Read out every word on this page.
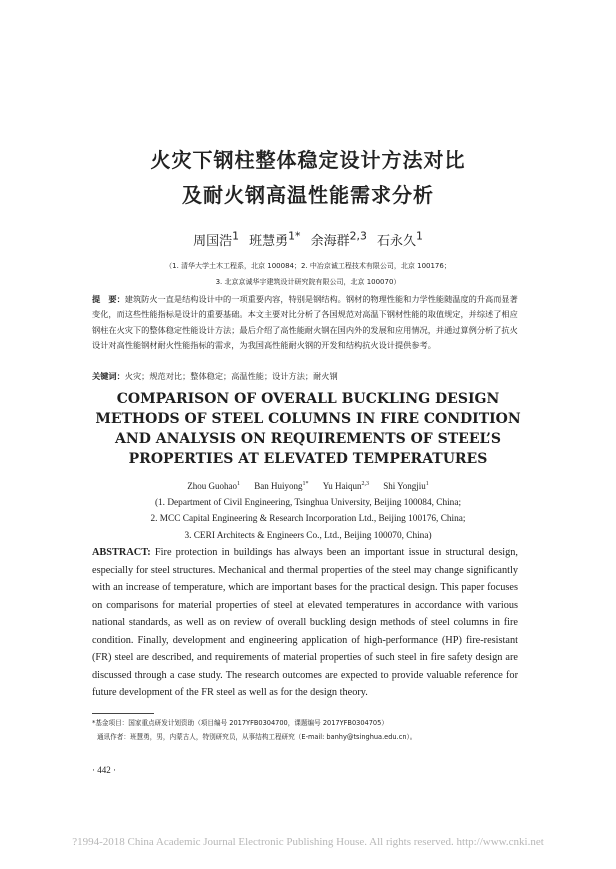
火灾下钢柱整体稳定设计方法对比
及耐火钢高温性能需求分析
周国浩$^1$ 班慧勇$^{1*}$ 余海群$^{2,3}$ 石永久$^1$
（1. 清华大学土木工程系，北京 100084；2. 中冶京诚工程技术有限公司，北京 100176；
3. 北京京诚华宇建筑设计研究院有限公司，北京 100070）
提　要：建筑防火一直是结构设计中的一项重要内容，特别是钢结构。钢材的物理性能和力学性能随温度的升高而显著变化，而这些性能指标是设计的重要基础。本文主要对比分析了各国规范对高温下钢材性能的取值规定，并综述了相应钢柱在火灾下的整体稳定性能设计方法；最后介绍了高性能耐火钢在国内外的发展和应用情况，并通过算例分析了抗火设计对高性能钢材耐火性能指标的需求，为我国高性能耐火钢的开发和结构抗火设计提供参考。
关键词：火灾；规范对比；整体稳定；高温性能；设计方法；耐火钢
COMPARISON OF OVERALL BUCKLING DESIGN
METHODS OF STEEL COLUMNS IN FIRE CONDITION
AND ANALYSIS ON REQUIREMENTS OF STEEL’S
PROPERTIES AT ELEVATED TEMPERATURES
Zhou Guohao$^1$ Ban Huiyong$^{1*}$ Yu Haiqun$^{2,3}$ Shi Yongjiu$^1$
(1. Department of Civil Engineering, Tsinghua University, Beijing 100084, China;
2. MCC Capital Engineering & Research Incorporation Ltd., Beijing 100176, China;
3. CERI Architects & Engineers Co., Ltd., Beijing 100070, China)
ABSTRACT: Fire protection in buildings has always been an important issue in structural design, especially for steel structures. Mechanical and thermal properties of the steel may change significantly with an increase of temperature, which are important bases for the practical design. This paper focuses on comparisons for material properties of steel at elevated temperatures in accordance with various national standards, as well as on review of overall buckling design methods of steel columns in fire condition. Finally, development and engineering application of high-performance (HP) fire-resistant (FR) steel are described, and requirements of material properties of such steel in fire safety design are discussed through a case study. The research outcomes are expected to provide valuable reference for future development of the FR steel as well as for the design theory.
*基金项目：国家重点研发计划资助（项目编号 2017YFB0304700，课题编号 2017YFB0304705）
通讯作者：班慧勇，男，内蒙古人，特别研究员，从事结构工程研究（E-mail: banhy@tsinghua.edu.cn）。
· 442 ·
?1994-2018 China Academic Journal Electronic Publishing House. All rights reserved. http://www.cnki.net
